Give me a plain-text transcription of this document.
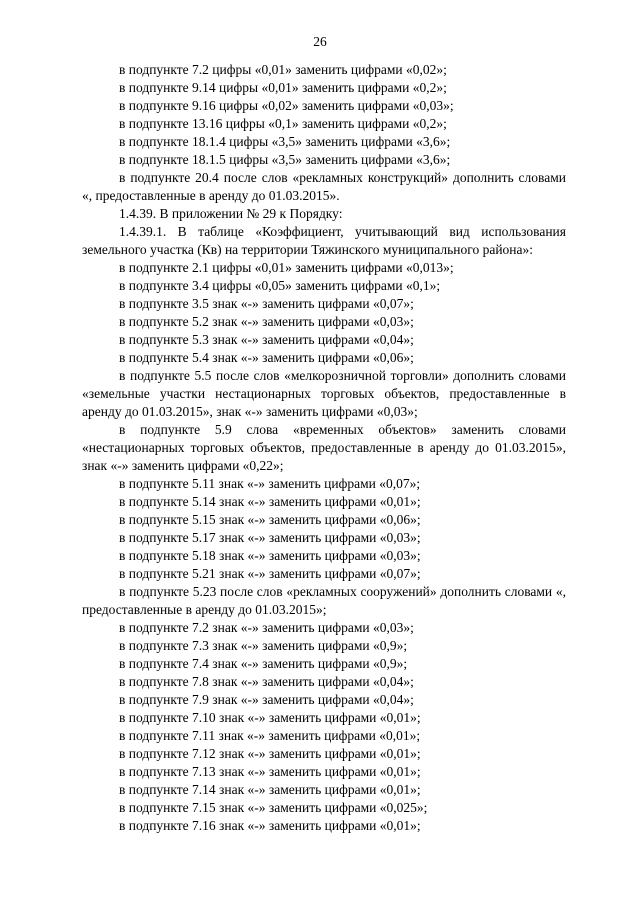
26

в подпункте 7.2 цифры «0,01» заменить цифрами «0,02»;

в подпункте 9.14 цифры «0,01» заменить цифрами «0,2»;

в подпункте 9.16 цифры «0,02» заменить цифрами «0,03»;

в подпункте 13.16 цифры «0,1» заменить цифрами «0,2»;

в подпункте 18.1.4 цифры «3,5» заменить цифрами «3,6»;

в подпункте 18.1.5 цифры «3,5» заменить цифрами «3,6»;

в подпункте 20.4 после слов «рекламных конструкций» дополнить словами «, предоставленные в аренду до 01.03.2015».

1.4.39. В приложении № 29 к Порядку:

1.4.39.1. В таблице «Коэффициент, учитывающий вид использования земельного участка (Кв) на территории Тяжинского муниципального района»:

в подпункте 2.1 цифры «0,01» заменить цифрами «0,013»;

в подпункте 3.4 цифры «0,05» заменить цифрами «0,1»;

в подпункте 3.5 знак «-» заменить цифрами «0,07»;

в подпункте 5.2 знак «-» заменить цифрами «0,03»;

в подпункте 5.3 знак «-» заменить цифрами «0,04»;

в подпункте 5.4 знак «-» заменить цифрами «0,06»;

в подпункте 5.5 после слов «мелкорозничной торговли» дополнить словами «земельные участки нестационарных торговых объектов, предоставленные в аренду до 01.03.2015», знак «-» заменить цифрами «0,03»;

в подпункте 5.9 слова «временных объектов» заменить словами «нестационарных торговых объектов, предоставленные в аренду до 01.03.2015», знак «-» заменить цифрами «0,22»;

в подпункте 5.11 знак «-» заменить цифрами «0,07»;

в подпункте 5.14 знак «-» заменить цифрами «0,01»;

в подпункте 5.15 знак «-» заменить цифрами «0,06»;

в подпункте 5.17 знак «-» заменить цифрами «0,03»;

в подпункте 5.18 знак «-» заменить цифрами «0,03»;

в подпункте 5.21 знак «-» заменить цифрами «0,07»;

в подпункте 5.23 после слов «рекламных сооружений» дополнить словами «, предоставленные в аренду до 01.03.2015»;

в подпункте 7.2 знак «-» заменить цифрами «0,03»;

в подпункте 7.3 знак «-» заменить цифрами «0,9»;

в подпункте 7.4 знак «-» заменить цифрами «0,9»;

в подпункте 7.8 знак «-» заменить цифрами «0,04»;

в подпункте 7.9 знак «-» заменить цифрами «0,04»;

в подпункте 7.10 знак «-» заменить цифрами «0,01»;

в подпункте 7.11 знак «-» заменить цифрами «0,01»;

в подпункте 7.12 знак «-» заменить цифрами «0,01»;

в подпункте 7.13 знак «-» заменить цифрами «0,01»;

в подпункте 7.14 знак «-» заменить цифрами «0,01»;

в подпункте 7.15 знак «-» заменить цифрами «0,025»;

в подпункте 7.16 знак «-» заменить цифрами «0,01»;
